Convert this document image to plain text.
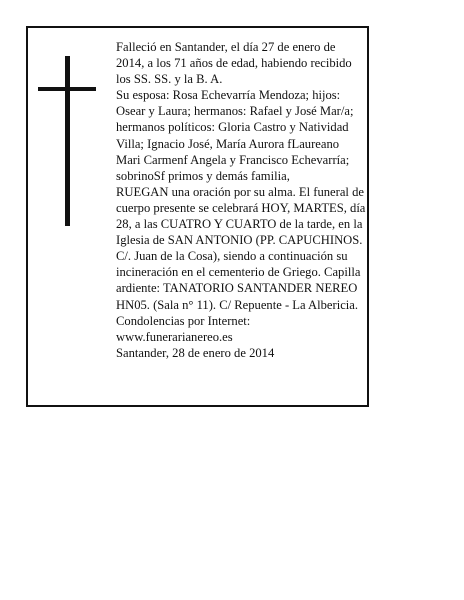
Falleció en Santander, el día 27 de enero de 2014, a los 71 años de edad, habiendo recibido los SS. SS. y la B. A.

Su esposa: Rosa Echevarría Mendoza; hijos: Osear y Laura; hermanos: Rafael y José Mar/a; hermanos políticos: Gloria Castro y Natividad Villa; Ignacio José, María Aurora fLaureano Mari Carmenf Angela y Francisco Echevarría; sobrinoSf primos y demás familia,

RUEGAN una oración por su alma. El funeral de cuerpo presente se celebrará HOY, MARTES, día 28, a las CUATRO Y CUARTO de la tarde, en la Iglesia de SAN ANTONIO (PP. CAPUCHINOS. C/. Juan de la Cosa), siendo a continuación su incineración en el cementerio de Griego. Capilla ardiente: TANATORIO SANTANDER NEREO HN05. (Sala n° 11). C/ Repuente - La Albericia.

Condolencias por Internet: www.funerarianereo.es

Santander, 28 de enero de 2014
